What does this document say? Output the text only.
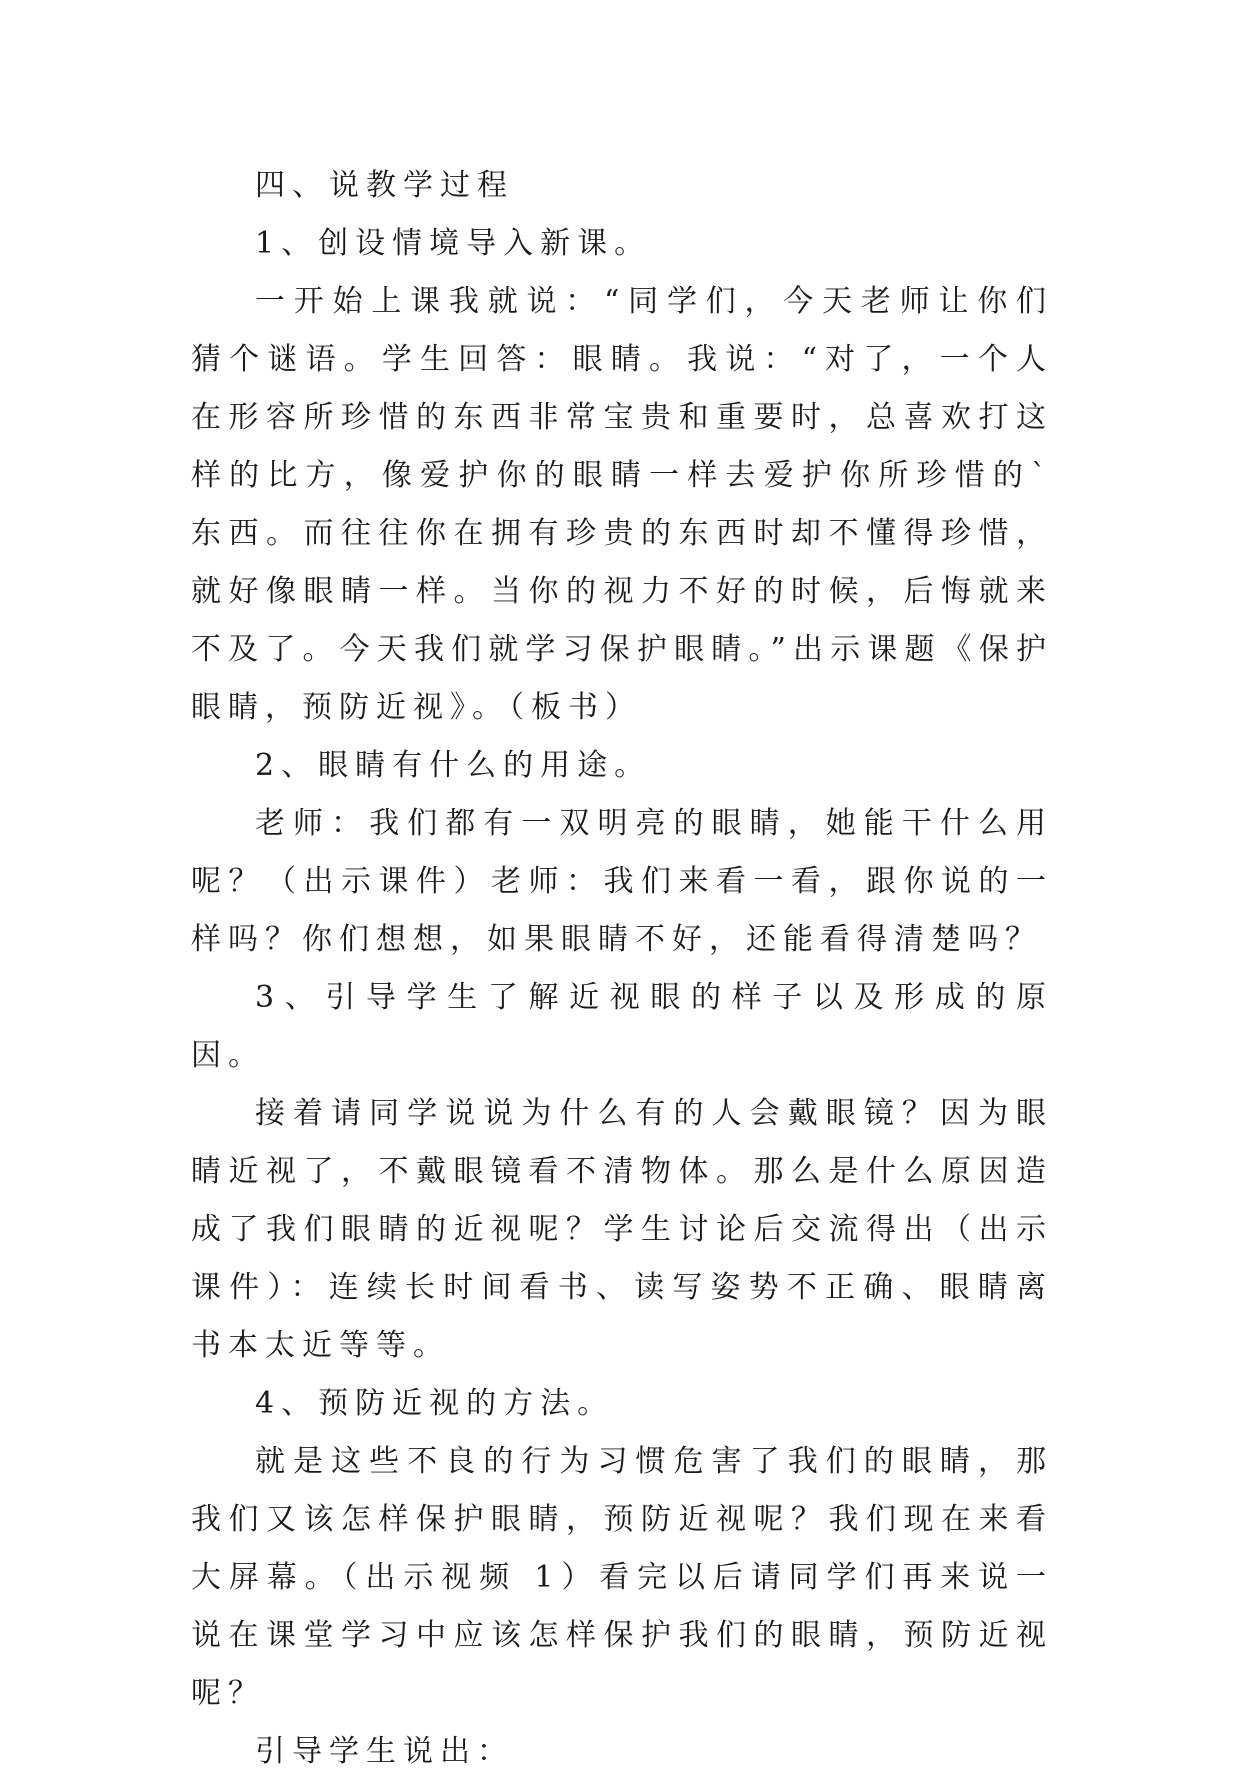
四、说教学过程

1、创设情境导入新课。

一开始上课我就说：“同学们，今天老师让你们猜个谜语。学生回答：眼睛。我说：“对了，一个人在形容所珍惜的东西非常宝贵和重要时，总喜欢打这样的比方，像爱护你的眼睛一样去爱护你所珍惜的`东西。而往往你在拥有珍贵的东西时却不懂得珍惜，就好像眼睛一样。当你的视力不好的时候，后悔就来不及了。今天我们就学习保护眼睛。”出示课题《保护眼睛，预防近视》。（板书）

2、眼睛有什么的用途。

老师：我们都有一双明亮的眼睛，她能干什么用呢？（出示课件）老师：我们来看一看，跟你说的一样吗？你们想想，如果眼睛不好，还能看得清楚吗？

3、引导学生了解近视眼的样子以及形成的原因。

接着请同学说说为什么有的人会戴眼镜？因为眼睛近视了，不戴眼镜看不清物体。那么是什么原因造成了我们眼睛的近视呢？学生讨论后交流得出（出示课件）：连续长时间看书、读写姿势不正确、眼睛离书本太近等等。

4、预防近视的方法。

就是这些不良的行为习惯危害了我们的眼睛，那我们又该怎样保护眼睛，预防近视呢？我们现在来看大屏幕。（出示视频 1）看完以后请同学们再来说一说在课堂学习中应该怎样保护我们的眼睛，预防近视呢？

引导学生说出：
